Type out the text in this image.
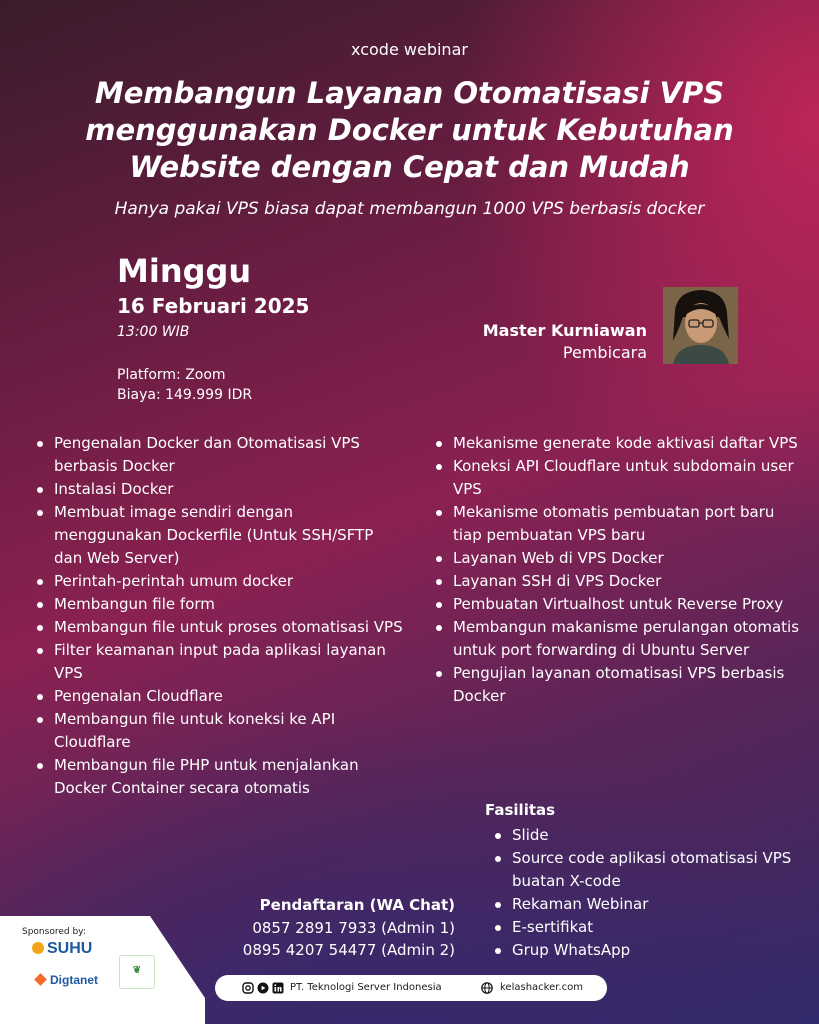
xcode webinar
Membangun Layanan Otomatisasi VPS menggunakan Docker untuk Kebutuhan Website dengan Cepat dan Mudah
Hanya pakai VPS biasa dapat membangun 1000 VPS berbasis docker
Minggu
16 Februari 2025
13:00 WIB
Platform: Zoom
Biaya: 149.999 IDR
Master Kurniawan
Pembicara
Pengenalan Docker dan Otomatisasi VPS berbasis Docker
Instalasi Docker
Membuat image sendiri dengan menggunakan Dockerfile (Untuk SSH/SFTP dan Web Server)
Perintah-perintah umum docker
Membangun file form
Membangun file untuk proses otomatisasi VPS
Filter keamanan input pada aplikasi layanan VPS
Pengenalan Cloudflare
Membangun file untuk koneksi ke API Cloudflare
Membangun file PHP untuk menjalankan Docker Container secara otomatis
Mekanisme generate kode aktivasi daftar VPS
Koneksi API Cloudflare untuk subdomain user VPS
Mekanisme otomatis pembuatan port baru tiap pembuatan VPS baru
Layanan Web di VPS Docker
Layanan SSH di VPS Docker
Pembuatan Virtualhost untuk Reverse Proxy
Membangun makanisme perulangan otomatis untuk port forwarding di Ubuntu Server
Pengujian layanan otomatisasi VPS berbasis Docker
Fasilitas
Slide
Source code aplikasi otomatisasi VPS buatan X-code
Rekaman Webinar
E-sertifikat
Grup WhatsApp
Pendaftaran (WA Chat)
0857 2891 7933 (Admin 1)
0895 4207 54477 (Admin 2)
Sponsored by:
SUHU
Digtanet
❦
PT. Teknologi Server Indonesia	kelashacker.com
